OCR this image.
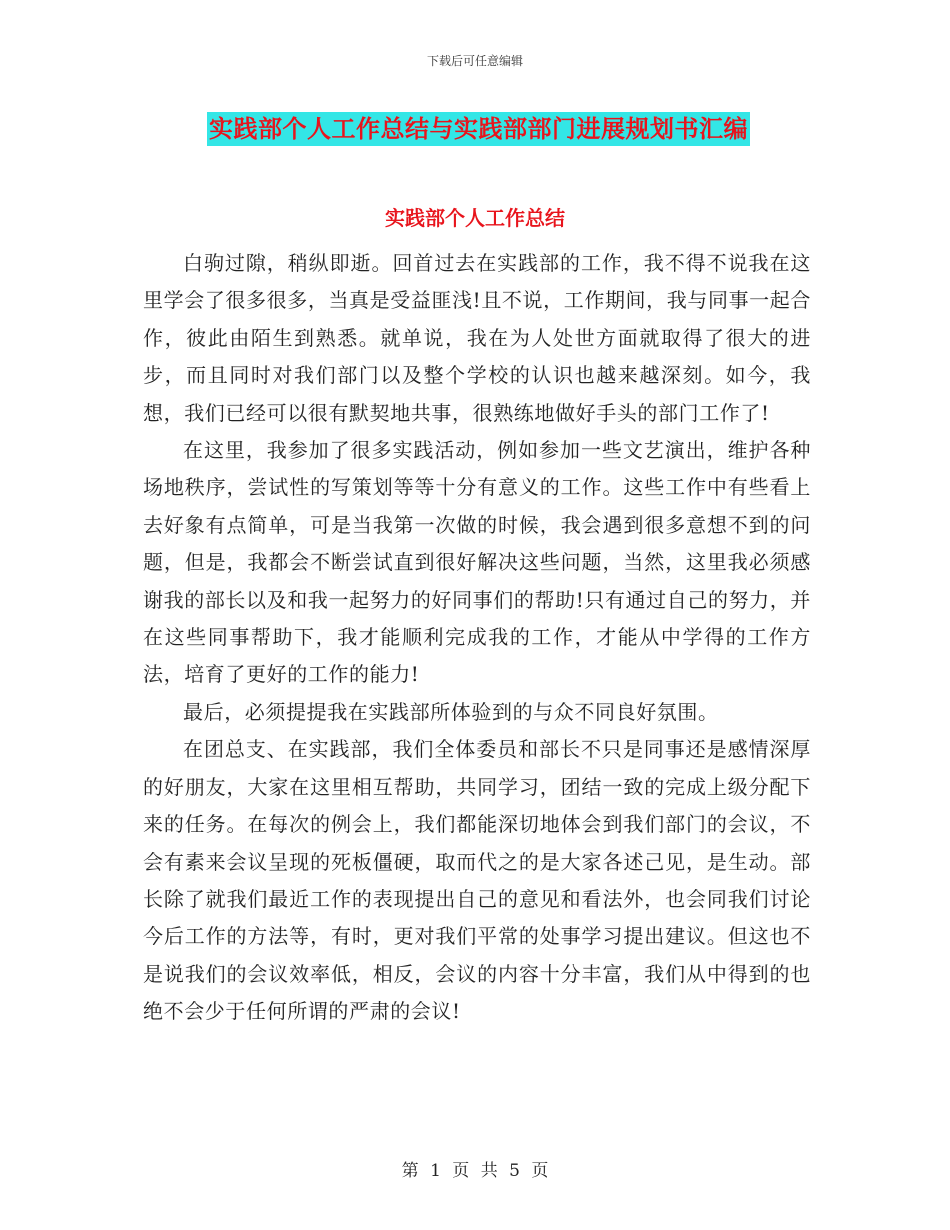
下载后可任意编辑
实践部个人工作总结与实践部部门进展规划书汇编
实践部个人工作总结

白驹过隙，稍纵即逝。回首过去在实践部的工作，我不得不说我在这里学会了很多很多，当真是受益匪浅!且不说，工作期间，我与同事一起合作，彼此由陌生到熟悉。就单说，我在为人处世方面就取得了很大的进步，而且同时对我们部门以及整个学校的认识也越来越深刻。如今，我想，我们已经可以很有默契地共事，很熟练地做好手头的部门工作了!

在这里，我参加了很多实践活动，例如参加一些文艺演出，维护各种场地秩序，尝试性的写策划等等十分有意义的工作。这些工作中有些看上去好象有点简单，可是当我第一次做的时候，我会遇到很多意想不到的问题，但是，我都会不断尝试直到很好解决这些问题，当然，这里我必须感谢我的部长以及和我一起努力的好同事们的帮助!只有通过自己的努力，并在这些同事帮助下，我才能顺利完成我的工作，才能从中学得的工作方法，培育了更好的工作的能力!

最后，必须提提我在实践部所体验到的与众不同良好氛围。

在团总支、在实践部，我们全体委员和部长不只是同事还是感情深厚的好朋友，大家在这里相互帮助，共同学习，团结一致的完成上级分配下来的任务。在每次的例会上，我们都能深切地体会到我们部门的会议，不会有素来会议呈现的死板僵硬，取而代之的是大家各述己见，是生动。部长除了就我们最近工作的表现提出自己的意见和看法外，也会同我们讨论今后工作的方法等，有时，更对我们平常的处事学习提出建议。但这也不是说我们的会议效率低，相反，会议的内容十分丰富，我们从中得到的也绝不会少于任何所谓的严肃的会议!

第 1 页 共 5 页
